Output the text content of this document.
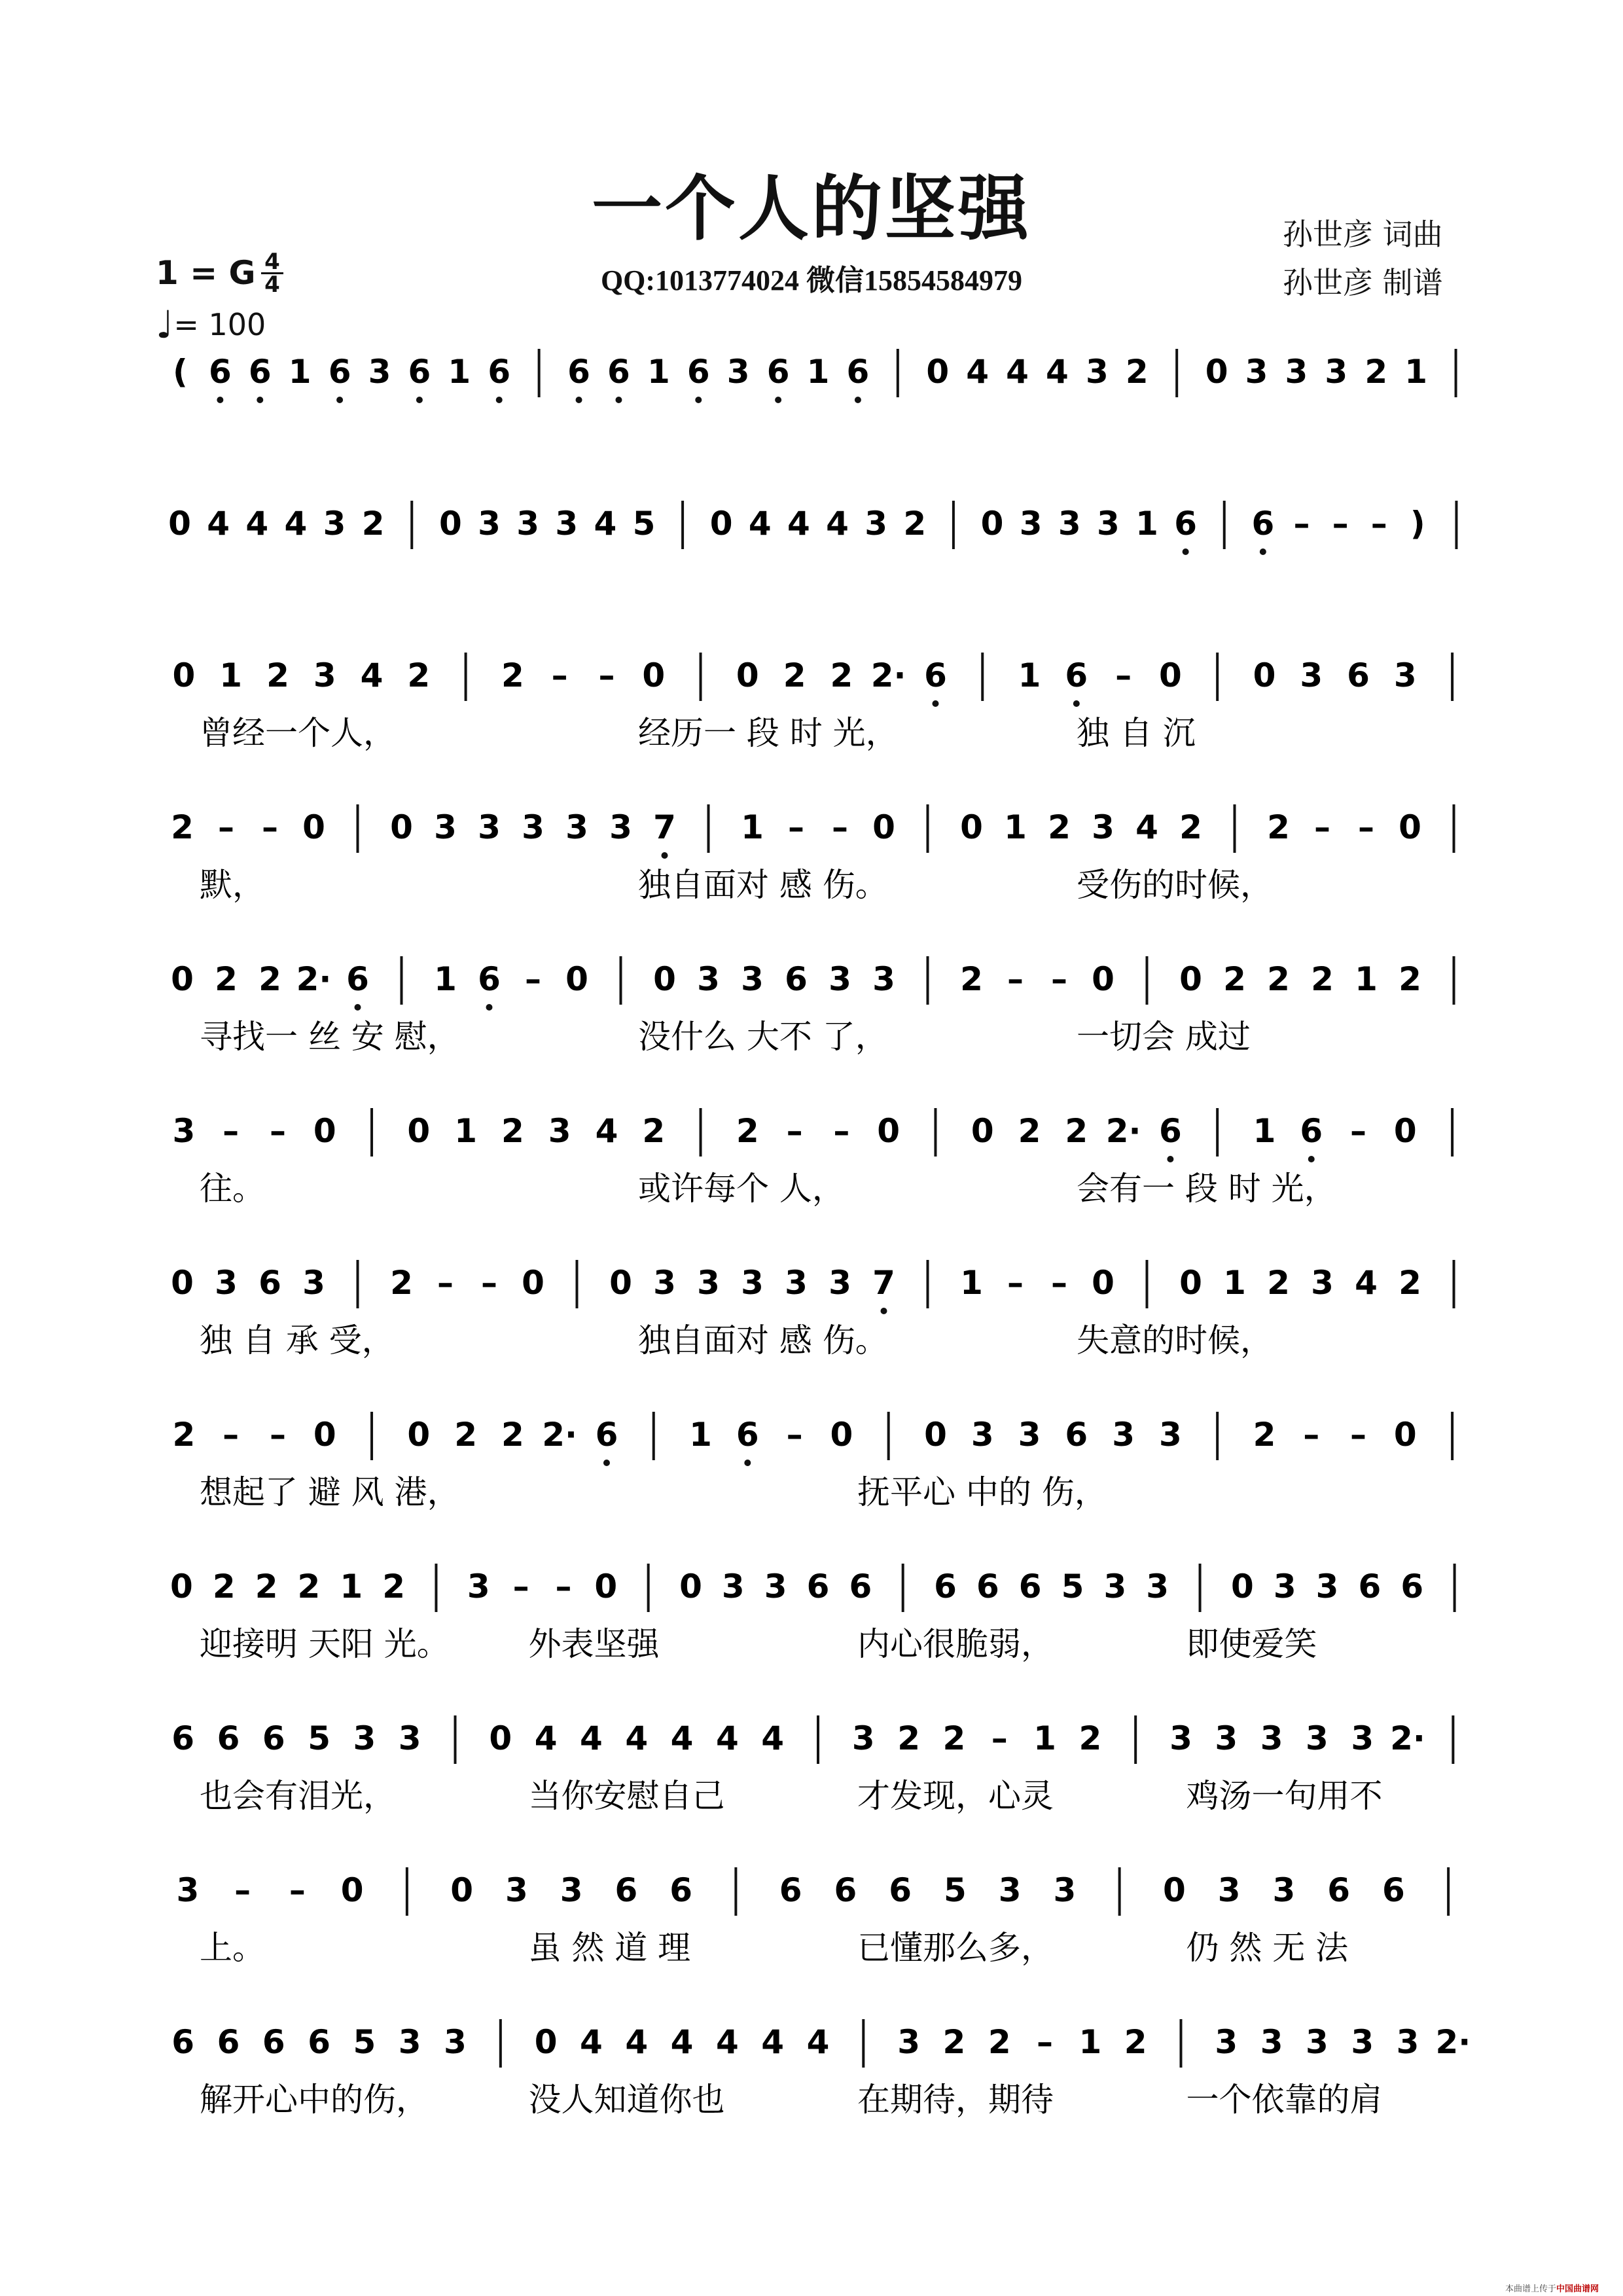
一个人的坚强	孙世彦 词曲
孙世彦 制谱
QQ:1013774024 微信15854584979
1 = G 4
4
♩= 100
( 6 6 1 6 3 6 1 6 6 6 1 6 3 6 1 6 0 4 4 4 3 2 0 3 3 3 2 1
0 4 4 4 3 2 0 3 3 3 4 5 0 4 4 4 3 2 0 3 3 3 1 6 6 – – – )
0 1 2 3 4 2 2 – – 0 0 2 2 2· 6 1 6 – 0 0 3 6 3
曾经一个人，	经历一 段 时 光，	独 自 沉
2 – – 0 0 3 3 3 3 3 7 1 – – 0 0 1 2 3 4 2 2 – – 0
默，	独自面对 感 伤。	受伤的时候，
0 2 2 2· 6 1 6 – 0 0 3 3 6 3 3 2 – – 0 0 2 2 2 1 2
寻找一 丝 安 慰，	没什么 大不 了，	一切会 成过
3 – – 0 0 1 2 3 4 2 2 – – 0 0 2 2 2· 6 1 6 – 0
往。	或许每个 人，	会有一 段 时 光，
0 3 6 3 2 – – 0 0 3 3 3 3 3 7 1 – – 0 0 1 2 3 4 2
独 自 承 受，	独自面对 感 伤。	失意的时候，
2 – – 0 0 2 2 2· 6 1 6 – 0 0 3 3 6 3 3 2 – – 0
想起了 避 风 港，	抚平心 中的 伤，
0 2 2 2 1 2 3 – – 0 0 3 3 6 6 6 6 6 5 3 3 0 3 3 6 6
迎接明 天阳 光。 外表坚强	内心很脆弱，	即使爱笑
6 6 6 5 3 3 0 4 4 4 4 4 4 3 2 2 – 1 2 3 3 3 3 3 2·
也会有泪光，	当你安慰自己	才发现，心灵	鸡汤一句用不
3 – – 0	0 3 3 6 6	6 6 6 5 3 3	0 3 3 6 6
上。	虽 然 道 理	已懂那么多，	仍 然 无 法
6 6 6 6 5 3 3 0 4 4 4 4 4 4 3 2 2 – 1 2 3 3 3 3 3 2·
解开心中的伤，	没人知道你也	在期待，期待	一个依靠的肩
本曲谱上传于中国曲谱网
